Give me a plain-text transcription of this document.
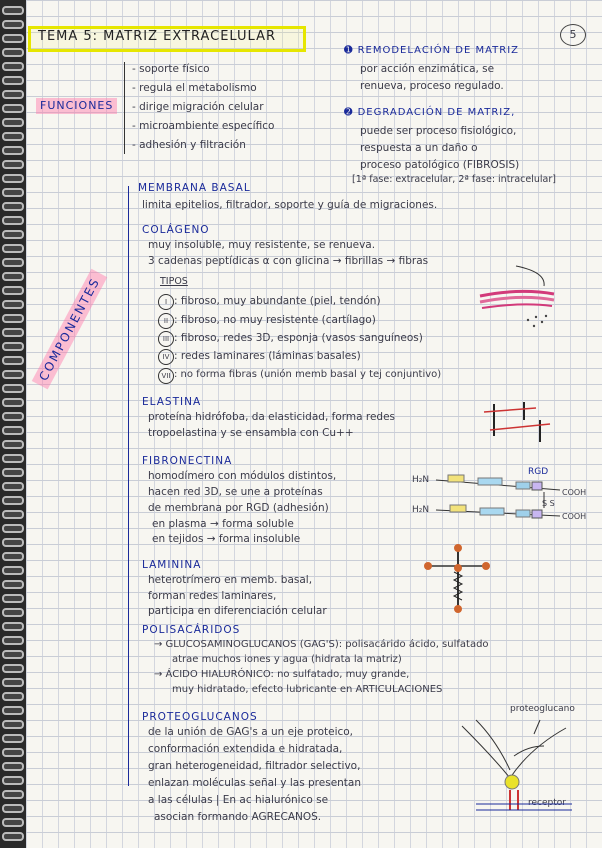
TEMA 5: MATRIZ EXTRACELULAR	5
FUNCIONES
- soporte físico
- regula el metabolismo
- dirige migración celular
- microambiente específico
- adhesión y filtración
➊ REMODELACIÓN DE MATRIZ
por acción enzimática, se
renueva, proceso regulado.
➋ DEGRADACIÓN DE MATRIZ,
puede ser proceso fisiológico,
respuesta a un daño o
proceso patológico (FIBROSIS)
[1ª fase: extracelular, 2ª fase: intracelular]
COMPONENTES
MEMBRANA BASAL
limita epitelios, filtrador, soporte y guía de migraciones.
COLÁGENO
muy insoluble, muy resistente, se renueva.
3 cadenas peptídicas α con glicina → fibrillas → fibras
TIPOS
I : fibroso, muy abundante (piel, tendón)
II : fibroso, no muy resistente (cartílago)
III : fibroso, redes 3D, esponja (vasos sanguíneos)
IV : redes laminares (láminas basales)
VII : no forma fibras (unión memb basal y tej conjuntivo)
ELASTINA
proteína hidrófoba, da elasticidad, forma redes
tropoelastina y se ensambla con Cu++
FIBRONECTINA
homodímero con módulos distintos,
hacen red 3D, se une a proteínas
de membrana por RGD (adhesión)
en plasma → forma soluble
en tejidos → forma insoluble
RGD
H₂N
H₂N
COOH
COOH
S S
LAMININA
heterotrímero en memb. basal,
forman redes laminares,
participa en diferenciación celular
POLISACÁRIDOS
→ GLUCOSAMINOGLUCANOS (GAG'S): polisacárido ácido, sulfatado
atrae muchos iones y agua (hidrata la matriz)
→ ÁCIDO HIALURÓNICO: no sulfatado, muy grande,
muy hidratado, efecto lubricante en ARTICULACIONES
PROTEOGLUCANOS
de la unión de GAG's a un eje proteico,
conformación extendida e hidratada,
gran heterogeneidad, filtrador selectivo,
enlazan moléculas señal y las presentan
a las células | En ac hialurónico se
asocian formando AGRECANOS.
proteoglucano
receptor
